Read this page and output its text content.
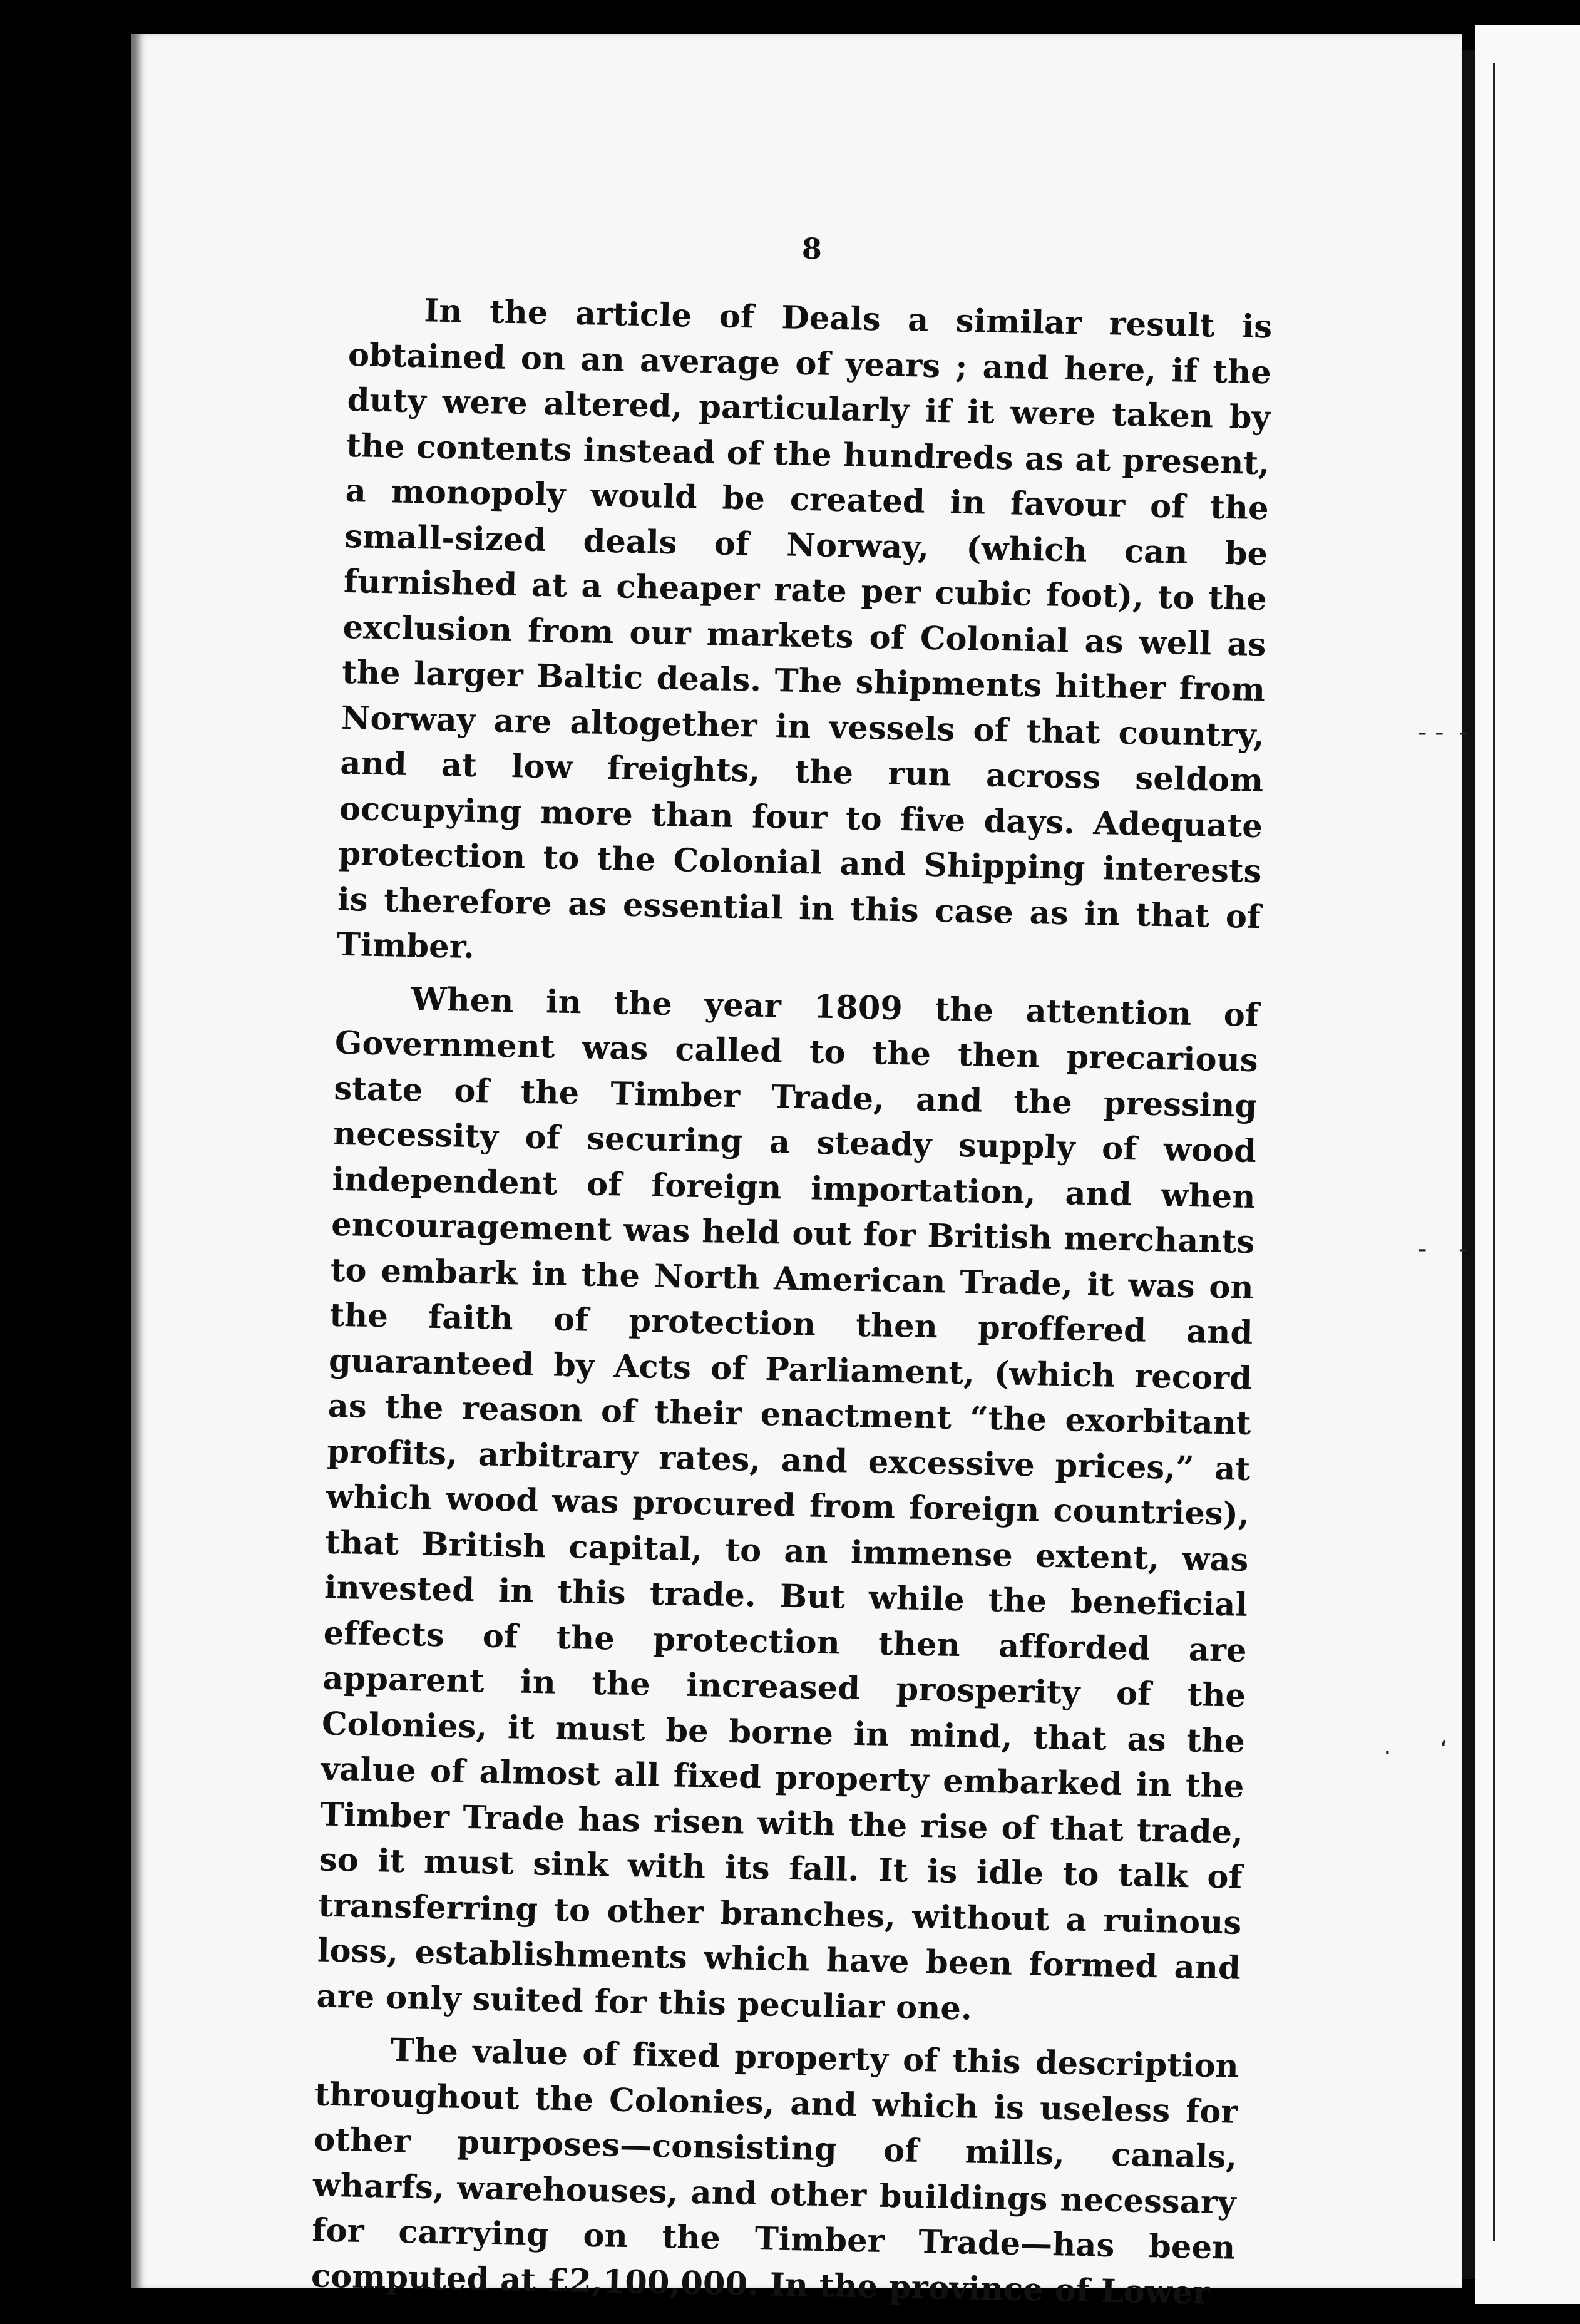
- - -
- -
· ʻ
8

In the article of Deals a similar result is obtained on an average of years ; and here, if the duty were altered, particularly if it were taken by the contents instead of the hundreds as at present, a monopoly would be created in favour of the small-sized deals of Norway, (which can be furnished at a cheaper rate per cubic foot), to the exclusion from our markets of Colonial as well as the larger Baltic deals. The shipments hither from Norway are altogether in vessels of that country, and at low freights, the run across seldom occupying more than four to five days. Adequate protection to the Colonial and Shipping interests is therefore as essential in this case as in that of Timber.

When in the year 1809 the attention of Government was called to the then precarious state of the Timber Trade, and the pressing necessity of securing a steady supply of wood independent of foreign importation, and when encouragement was held out for British merchants to embark in the North American Trade, it was on the faith of protection then proffered and guaranteed by Acts of Parliament, (which record as the reason of their enactment “the exorbitant profits, arbitrary rates, and excessive prices,” at which wood was procured from foreign countries), that British capital, to an immense extent, was invested in this trade. But while the beneficial effects of the protection then afforded are apparent in the increased prosperity of the Colonies, it must be borne in mind, that as the value of almost all fixed property embarked in the Timber Trade has risen with the rise of that trade, so it must sink with its fall. It is idle to talk of transferring to other branches, without a ruinous loss, establishments which have been formed and are only suited for this peculiar one.

The value of fixed property of this description throughout the Colonies, and which is useless for other purposes—consisting of mills, canals, wharfs, warehouses, and other buildings necessary for carrying on the Timber Trade—has been computed at £2,100,000. In the province of Lower
